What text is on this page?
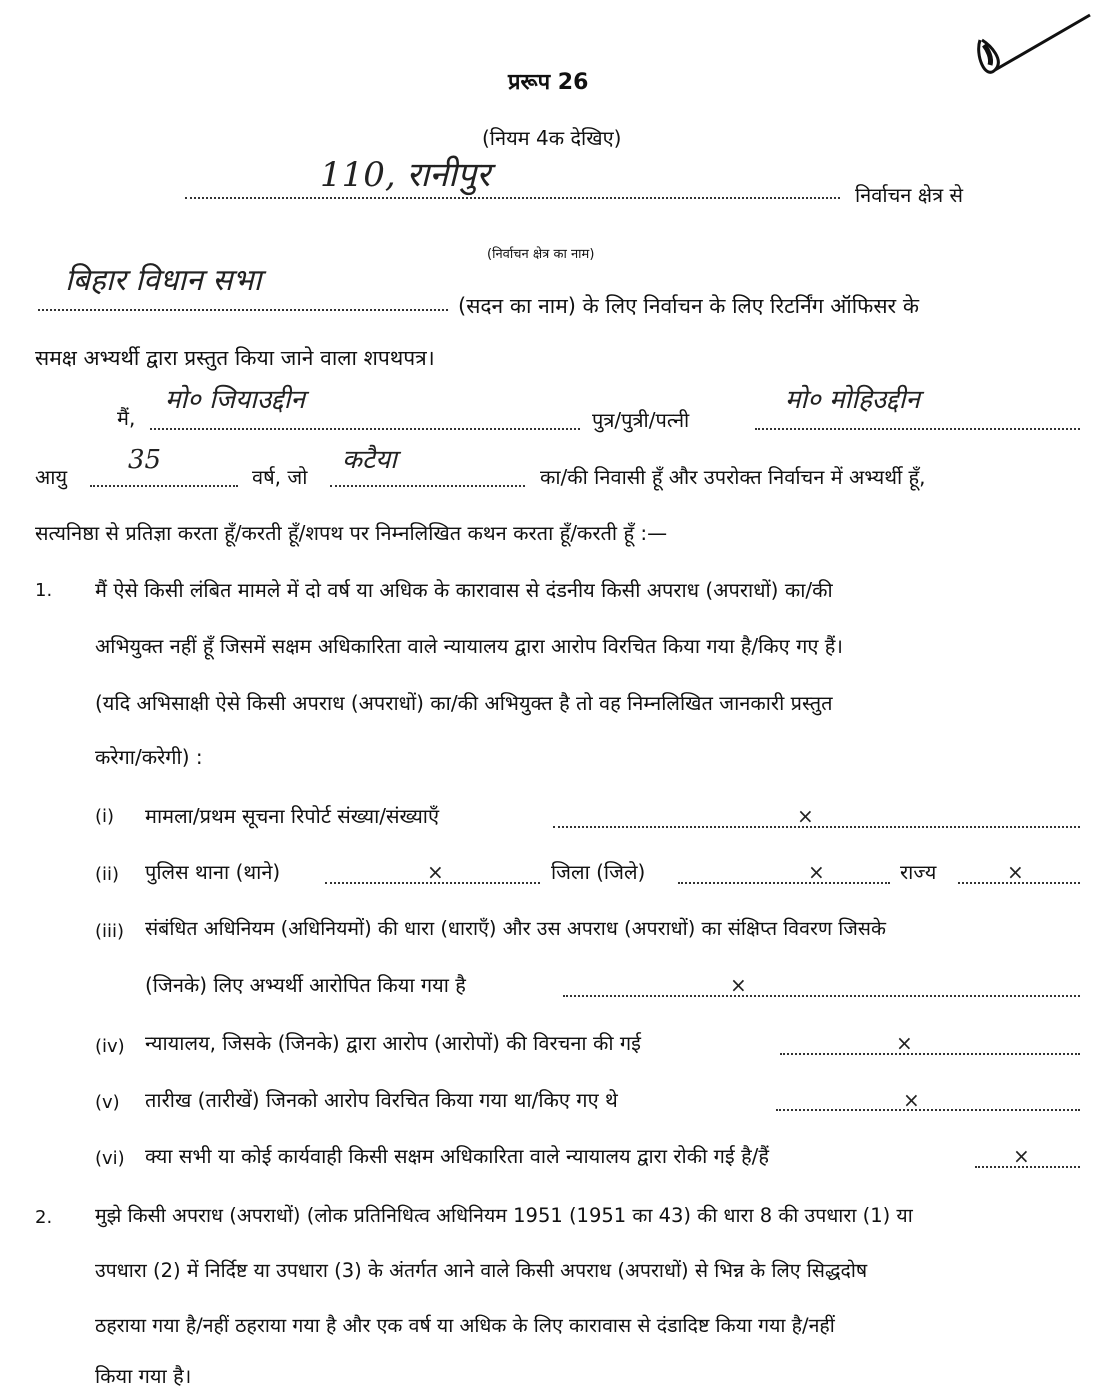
प्ररूप 26
(नियम 4क देखिए)
110, रानीपुर	निर्वाचन क्षेत्र से
(निर्वाचन क्षेत्र का नाम)
बिहार विधान सभा
(सदन का नाम) के लिए निर्वाचन के लिए रिटर्निंग ऑफिसर के
समक्ष अभ्यर्थी द्वारा प्रस्तुत किया जाने वाला शपथपत्र।
मैं,
मो० जियाउद्दीन
पुत्र/पुत्री/पत्नी
मो० मोहिउद्दीन
आयु
35
वर्ष, जो
कटैया
का/की निवासी हूँ और उपरोक्त निर्वाचन में अभ्यर्थी हूँ,
सत्यनिष्ठा से प्रतिज्ञा करता हूँ/करती हूँ/शपथ पर निम्नलिखित कथन करता हूँ/करती हूँ :—
1. मैं ऐसे किसी लंबित मामले में दो वर्ष या अधिक के कारावास से दंडनीय किसी अपराध (अपराधों) का/की
अभियुक्त नहीं हूँ जिसमें सक्षम अधिकारिता वाले न्यायालय द्वारा आरोप विरचित किया गया है/किए गए हैं।
(यदि अभिसाक्षी ऐसे किसी अपराध (अपराधों) का/की अभियुक्त है तो वह निम्नलिखित जानकारी प्रस्तुत
करेगा/करेगी) :
(i) मामला/प्रथम सूचना रिपोर्ट संख्या/संख्याएँ	×
(ii) पुलिस थाना (थाने)	×	जिला (जिले)	×	राज्य	×
(iii) संबंधित अधिनियम (अधिनियमों) की धारा (धाराएँ) और उस अपराध (अपराधों) का संक्षिप्त विवरण जिसके
(जिनके) लिए अभ्यर्थी आरोपित किया गया है	×
(iv) न्यायालय, जिसके (जिनके) द्वारा आरोप (आरोपों) की विरचना की गई	×
(v) तारीख (तारीखें) जिनको आरोप विरचित किया गया था/किए गए थे	×
(vi) क्या सभी या कोई कार्यवाही किसी सक्षम अधिकारिता वाले न्यायालय द्वारा रोकी गई है/हैं	×
2. मुझे किसी अपराध (अपराधों) (लोक प्रतिनिधित्व अधिनियम 1951 (1951 का 43) की धारा 8 की उपधारा (1) या
उपधारा (2) में निर्दिष्ट या उपधारा (3) के अंतर्गत आने वाले किसी अपराध (अपराधों) से भिन्न के लिए सिद्धदोष
ठहराया गया है/नहीं ठहराया गया है और एक वर्ष या अधिक के लिए कारावास से दंडादिष्ट किया गया है/नहीं
किया गया है।
